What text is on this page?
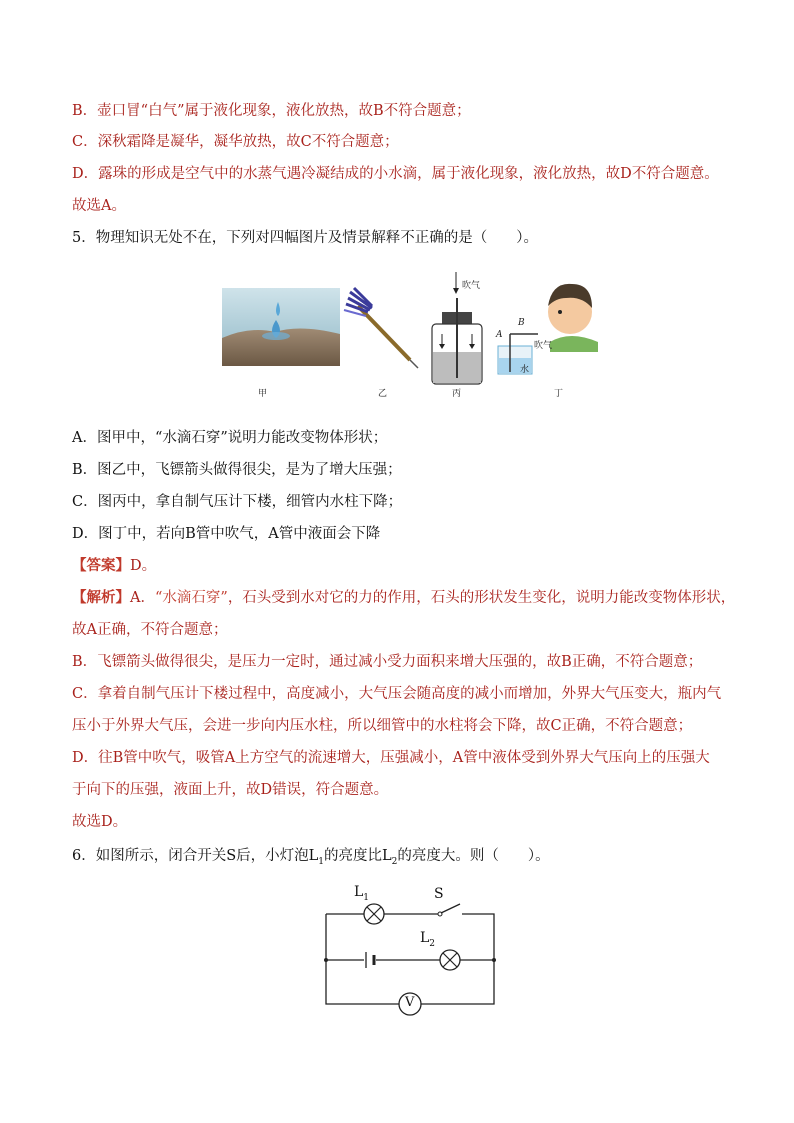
B．壶口冒“白气”属于液化现象，液化放热，故B不符合题意；
C．深秋霜降是凝华，凝华放热，故C不符合题意；
D．露珠的形成是空气中的水蒸气遇冷凝结成的小水滴，属于液化现象，液化放热，故D不符合题意。
故选A。
5．物理知识无处不在，下列对四幅图片及情景解释不正确的是（　　）。
吹气
吹气
B
A
水
甲	乙	丙	丁
A．图甲中，“水滴石穿”说明力能改变物体形状；
B．图乙中，飞镖箭头做得很尖，是为了增大压强；
C．图丙中，拿自制气压计下楼，细管内水柱下降；
D．图丁中，若向B管中吹气，A管中液面会下降
【答案】D。
【解析】A．“水滴石穿”，石头受到水对它的力的作用，石头的形状发生变化，说明力能改变物体形状，
故A正确，不符合题意；
B．飞镖箭头做得很尖，是压力一定时，通过减小受力面积来增大压强的，故B正确，不符合题意；
C．拿着自制气压计下楼过程中，高度减小，大气压会随高度的减小而增加，外界大气压变大，瓶内气
压小于外界大气压，会进一步向内压水柱，所以细管中的水柱将会下降，故C正确，不符合题意；
D．往B管中吹气，吸管A上方空气的流速增大，压强减小，A管中液体受到外界大气压向上的压强大
于向下的压强，液面上升，故D错误，符合题意。
故选D。
6．如图所示，闭合开关S后，小灯泡$L_1$的亮度比$L_2$的亮度大。则（　　）。
$L_1$	S
$L_2$
V
